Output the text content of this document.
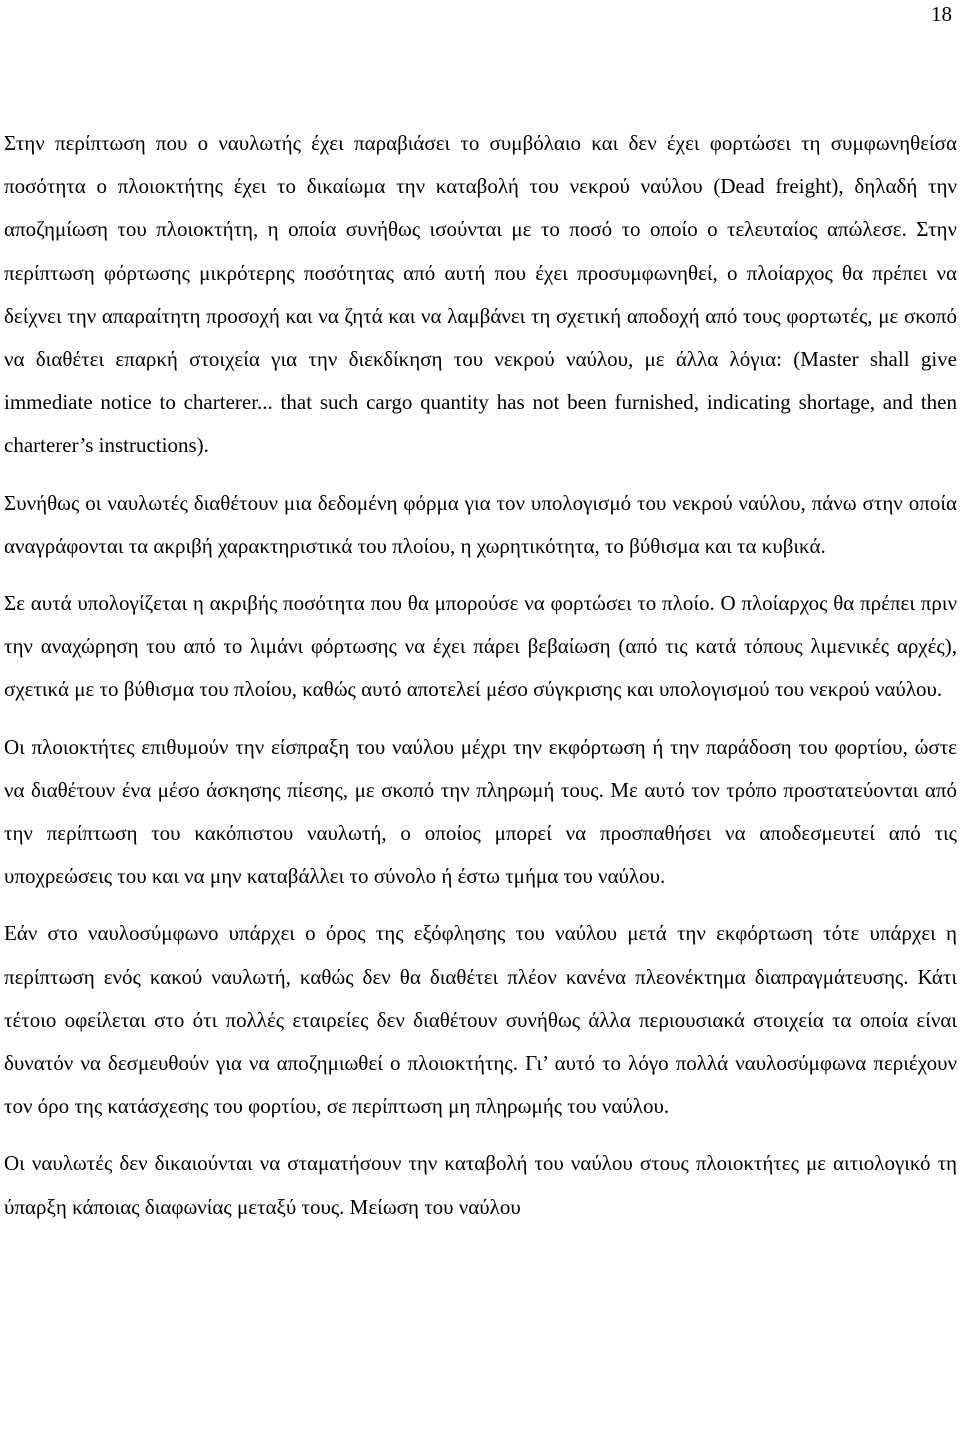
18

Στην περίπτωση που ο ναυλωτής έχει παραβιάσει το συμβόλαιο και δεν έχει φορτώσει τη συμφωνηθείσα ποσότητα ο πλοιοκτήτης έχει το δικαίωμα την καταβολή του νεκρού ναύλου (Dead freight), δηλαδή την αποζημίωση του πλοιοκτήτη, η οποία συνήθως ισούνται με το ποσό το οποίο ο τελευταίος απώλεσε. Στην περίπτωση φόρτωσης μικρότερης ποσότητας από αυτή που έχει προσυμφωνηθεί, ο πλοίαρχος θα πρέπει να δείχνει την απαραίτητη προσοχή και να ζητά και να λαμβάνει τη σχετική αποδοχή από τους φορτωτές, με σκοπό να διαθέτει επαρκή στοιχεία για την διεκδίκηση του νεκρού ναύλου, με άλλα λόγια: (Master shall give immediate notice to charterer... that such cargo quantity has not been furnished, indicating shortage, and then charterer’s instructions).

Συνήθως οι ναυλωτές διαθέτουν μια δεδομένη φόρμα για τον υπολογισμό του νεκρού ναύλου, πάνω στην οποία αναγράφονται τα ακριβή χαρακτηριστικά του πλοίου, η χωρητικότητα, το βύθισμα και τα κυβικά.

Σε αυτά υπολογίζεται η ακριβής ποσότητα που θα μπορούσε να φορτώσει το πλοίο. Ο πλοίαρχος θα πρέπει πριν την αναχώρηση του από το λιμάνι φόρτωσης να έχει πάρει βεβαίωση (από τις κατά τόπους λιμενικές αρχές), σχετικά με το βύθισμα του πλοίου, καθώς αυτό αποτελεί μέσο σύγκρισης και υπολογισμού του νεκρού ναύλου.

Οι πλοιοκτήτες επιθυμούν την είσπραξη του ναύλου μέχρι την εκφόρτωση ή την παράδοση του φορτίου, ώστε να διαθέτουν ένα μέσο άσκησης πίεσης, με σκοπό την πληρωμή τους. Με αυτό τον τρόπο προστατεύονται από την περίπτωση του κακόπιστου ναυλωτή, ο οποίος μπορεί να προσπαθήσει να αποδεσμευτεί από τις υποχρεώσεις του και να μην καταβάλλει το σύνολο ή έστω τμήμα του ναύλου.

Εάν στο ναυλοσύμφωνο υπάρχει ο όρος της εξόφλησης του ναύλου μετά την εκφόρτωση τότε υπάρχει η περίπτωση ενός κακού ναυλωτή, καθώς δεν θα διαθέτει πλέον κανένα πλεονέκτημα διαπραγμάτευσης. Κάτι τέτοιο οφείλεται στο ότι πολλές εταιρείες δεν διαθέτουν συνήθως άλλα περιουσιακά στοιχεία τα οποία είναι δυνατόν να δεσμευθούν για να αποζημιωθεί ο πλοιοκτήτης. Γι’ αυτό το λόγο πολλά ναυλοσύμφωνα περιέχουν τον όρο της κατάσχεσης του φορτίου, σε περίπτωση μη πληρωμής του ναύλου.

Οι ναυλωτές δεν δικαιούνται να σταματήσουν την καταβολή του ναύλου στους πλοιοκτήτες με αιτιολογικό τη ύπαρξη κάποιας διαφωνίας μεταξύ τους. Μείωση του ναύλου
